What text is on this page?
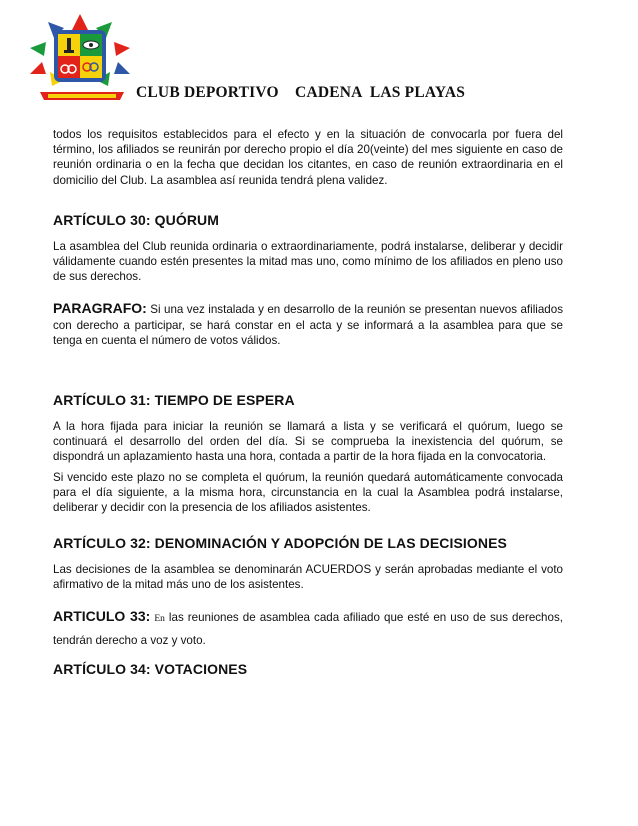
CLUB DEPORTIVO    CADENA  LAS PLAYAS

todos los requisitos establecidos para el efecto y en la situación de convocarla por fuera del término, los afiliados se reunirán por derecho propio el día 20(veinte) del mes siguiente en caso de reunión ordinaria o en la fecha que decidan los citantes, en caso de reunión extraordinaria en el domicilio del Club. La asamblea así reunida tendrá plena validez.

ARTÍCULO 30: QUÓRUM

La asamblea del Club reunida ordinaria o extraordinariamente, podrá instalarse, deliberar y decidir válidamente cuando estén presentes la mitad mas uno, como mínimo de los afiliados en pleno uso de sus derechos.

PARAGRAFO: Si una vez instalada y en desarrollo de la reunión se presentan nuevos afiliados con derecho a participar, se hará constar en el acta y se informará a la asamblea para que se tenga en cuenta el número de votos válidos.

ARTÍCULO 31: TIEMPO DE ESPERA

A la hora fijada para iniciar la reunión se llamará a lista y se verificará el quórum, luego se continuará el desarrollo del orden del día. Si se comprueba la inexistencia del quórum, se dispondrá un aplazamiento hasta una hora, contada a partir de la hora fijada en la convocatoria.

Si vencido este plazo no se completa el quórum, la reunión quedará automáticamente convocada para el día siguiente, a la misma hora, circunstancia en la cual la Asamblea podrá instalarse, deliberar y decidir con la presencia de los afiliados asistentes.

ARTÍCULO 32: DENOMINACIÓN Y ADOPCIÓN DE LAS DECISIONES

Las decisiones de la asamblea se denominarán ACUERDOS y serán aprobadas mediante el voto afirmativo de la mitad más uno de los asistentes.

ARTICULO 33: En las reuniones de asamblea cada afiliado que esté en uso de sus derechos, tendrán derecho a voz y voto.

ARTÍCULO 34: VOTACIONES
